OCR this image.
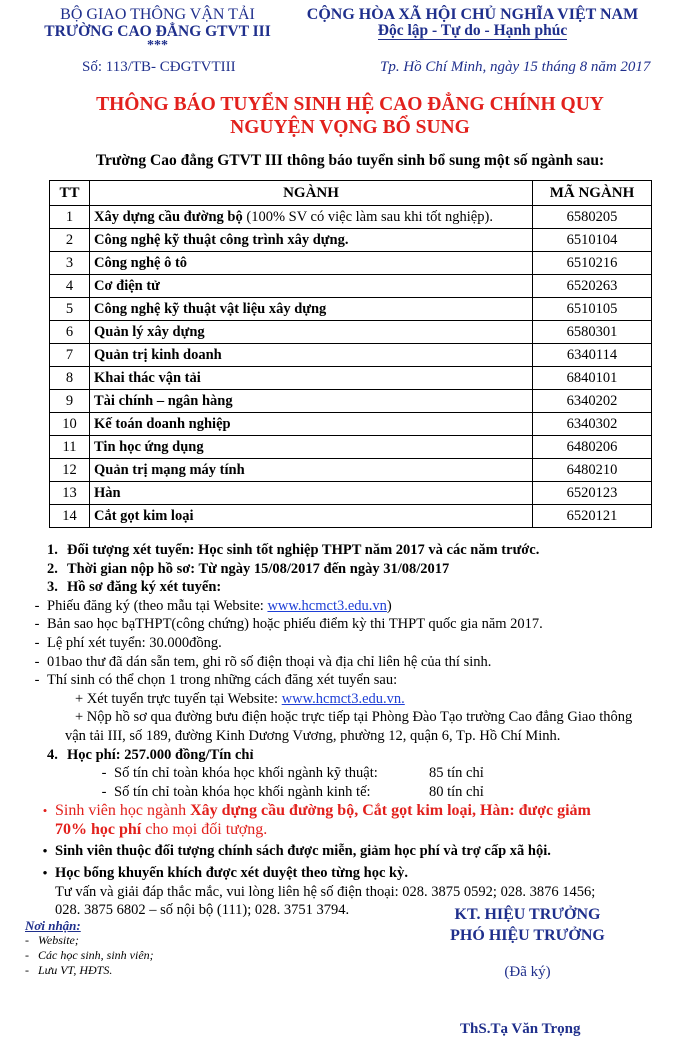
BỘ GIAO THÔNG VẬN TẢI
TRƯỜNG CAO ĐẲNG GTVT III
***
CỘNG HÒA XÃ HỘI CHỦ NGHĨA VIỆT NAM
Độc lập - Tự do - Hạnh phúc
Số: 113/TB- CĐGTVTIII	Tp. Hồ Chí Minh, ngày 15 tháng 8 năm 2017
THÔNG BÁO TUYỂN SINH HỆ CAO ĐẲNG CHÍNH QUY
NGUYỆN VỌNG BỔ SUNG
Trường Cao đẳng GTVT III thông báo tuyển sinh bổ sung một số ngành sau:
TT	NGÀNH	MÃ NGÀNH
1	Xây dựng cầu đường bộ (100% SV có việc làm sau khi tốt nghiệp).	6580205
2	Công nghệ kỹ thuật công trình xây dựng.	6510104
3	Công nghệ ô tô	6510216
4	Cơ điện tử	6520263
5	Công nghệ kỹ thuật vật liệu xây dựng	6510105
6	Quản lý xây dựng	6580301
7	Quản trị kinh doanh	6340114
8	Khai thác vận tải	6840101
9	Tài chính – ngân hàng	6340202
10	Kế toán doanh nghiệp	6340302
11	Tin học ứng dụng	6480206
12	Quản trị mạng máy tính	6480210
13	Hàn	6520123
14	Cắt gọt kim loại	6520121
1. Đối tượng xét tuyển: Học sinh tốt nghiệp THPT năm 2017 và các năm trước.
2. Thời gian nộp hồ sơ: Từ ngày 15/08/2017 đến ngày 31/08/2017
3. Hồ sơ đăng ký xét tuyển:
- Phiếu đăng ký (theo mẫu tại Website: www.hcmct3.edu.vn)
- Bản sao học bạTHPT(công chứng) hoặc phiếu điểm kỳ thi THPT quốc gia năm 2017.
- Lệ phí xét tuyển: 30.000đồng.
- 01bao thư đã dán sẵn tem, ghi rõ số điện thoại và địa chỉ liên hệ của thí sinh.
- Thí sinh có thể chọn 1 trong những cách đăng xét tuyển sau:
+ Xét tuyển trực tuyến tại Website: www.hcmct3.edu.vn.
+ Nộp hồ sơ qua đường bưu điện hoặc trực tiếp tại Phòng Đào Tạo trường Cao đẳng Giao thông
vận tải III, số 189, đường Kinh Dương Vương, phường 12, quận 6, Tp. Hồ Chí Minh.
4. Học phí: 257.000 đồng/Tín chỉ
- Số tín chỉ toàn khóa học khối ngành kỹ thuật:	85 tín chỉ
- Số tín chỉ toàn khóa học khối ngành kinh tế:	80 tín chỉ
• Sinh viên học ngành Xây dựng cầu đường bộ, Cắt gọt kim loại, Hàn: được giảm
70% học phí cho mọi đối tượng.
• Sinh viên thuộc đối tượng chính sách được miễn, giảm học phí và trợ cấp xã hội.
• Học bổng khuyến khích được xét duyệt theo từng học kỳ.
Tư vấn và giải đáp thắc mắc, vui lòng liên hệ số điện thoại: 028. 3875 0592; 028. 3876 1456;
028. 3875 6802 – số nội bộ (111); 028. 3751 3794.
Nơi nhận:
- Website;
- Các học sinh, sinh viên;
- Lưu VT, HĐTS.
KT. HIỆU TRƯỞNG
PHÓ HIỆU TRƯỞNG
(Đã ký)
ThS.Tạ Văn Trọng
